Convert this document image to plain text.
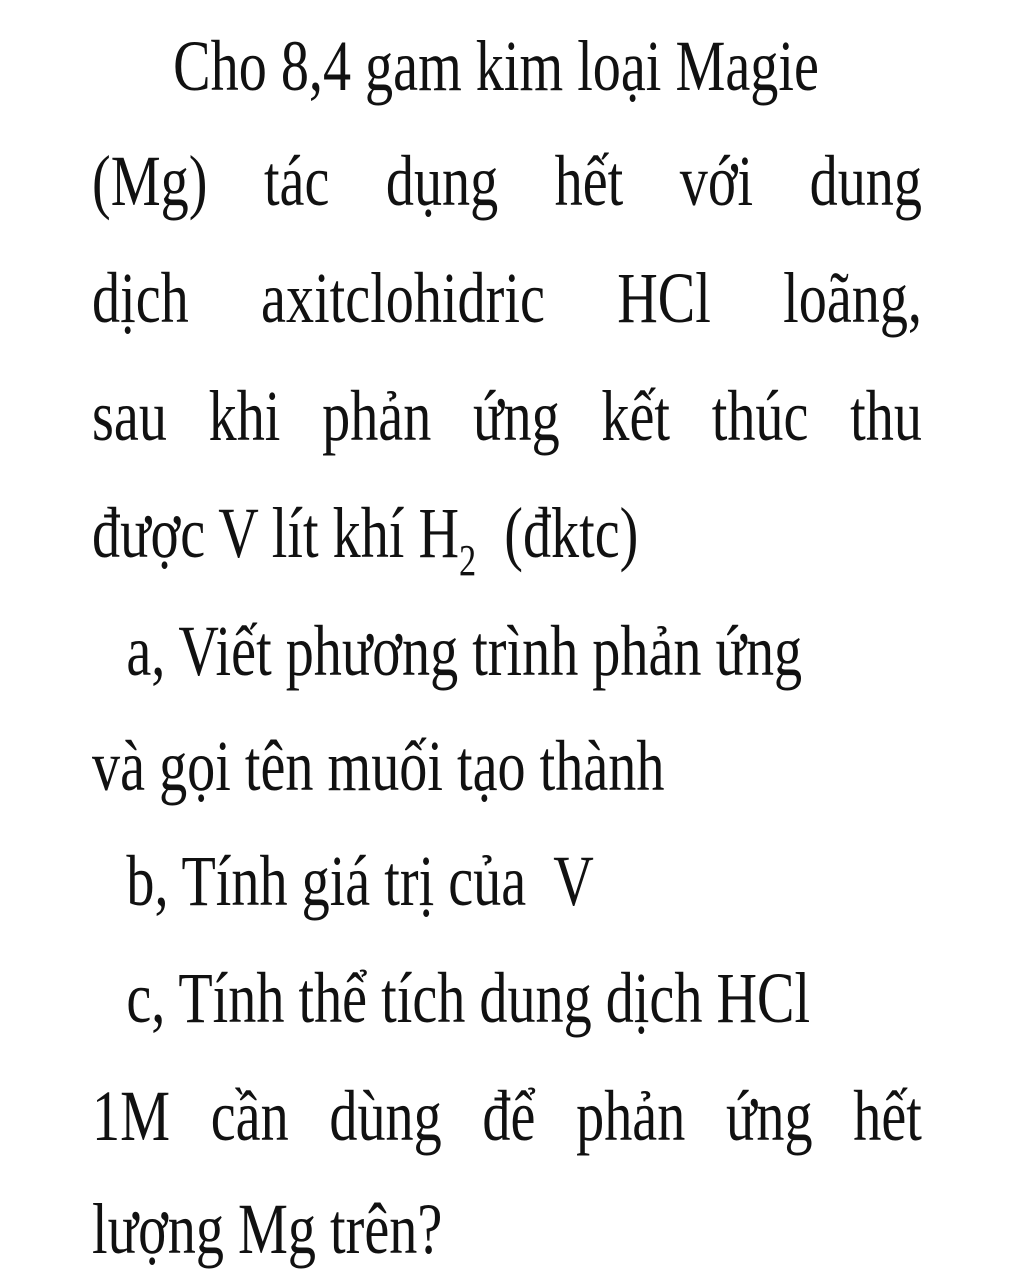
Cho 8,4 gam kim loại Magie
(Mg) tác dụng hết với dung
dịch axitclohidric HCl loãng,
sau khi phản ứng kết thúc thu
được V lít khí $H_2$ (đktc)
a, Viết phương trình phản ứng
và gọi tên muối tạo thành
b, Tính giá trị của  V
c, Tính thể tích dung dịch HCl
1M cần dùng để phản ứng hết
lượng Mg trên?
